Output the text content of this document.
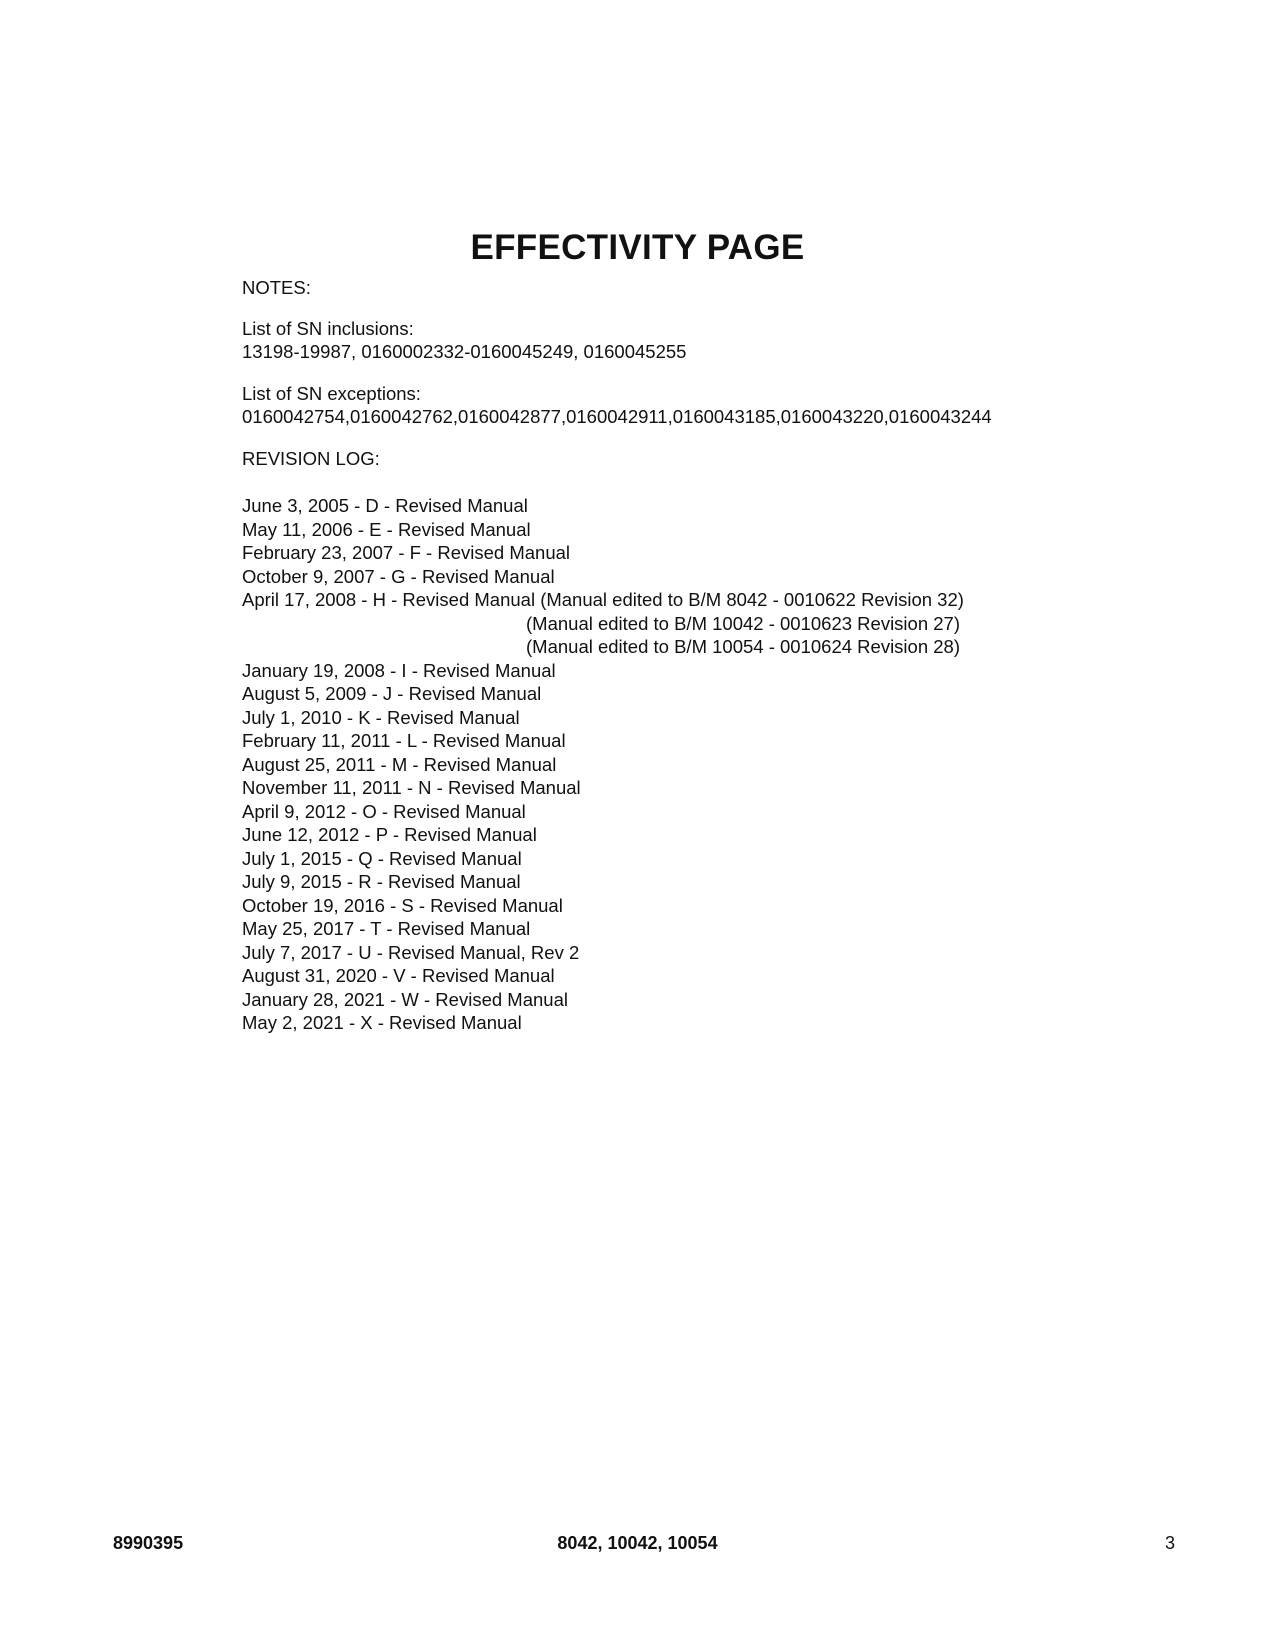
EFFECTIVITY PAGE

NOTES:

List of SN inclusions:

13198-19987, 0160002332-0160045249, 0160045255

List of SN exceptions:

0160042754,0160042762,0160042877,0160042911,0160043185,0160043220,0160043244

REVISION LOG:

June 3, 2005 - D - Revised Manual

May 11, 2006 - E - Revised Manual

February 23, 2007 - F - Revised Manual

October 9, 2007 - G - Revised Manual

April 17, 2008 - H - Revised Manual (Manual edited to B/M 8042 - 0010622 Revision 32)

(Manual edited to B/M 10042 - 0010623 Revision 27)

(Manual edited to B/M 10054 - 0010624 Revision 28)

January 19, 2008 - I - Revised Manual

August 5, 2009 - J - Revised Manual

July 1, 2010 - K - Revised Manual

February 11, 2011 - L - Revised Manual

August 25, 2011 - M - Revised Manual

November 11, 2011 - N - Revised Manual

April 9, 2012 - O - Revised Manual

June 12, 2012 - P - Revised Manual

July 1, 2015 - Q - Revised Manual

July 9, 2015 - R - Revised Manual

October 19, 2016 - S - Revised Manual

May 25, 2017 - T - Revised Manual

July 7, 2017 - U - Revised Manual, Rev 2

August 31, 2020 - V - Revised Manual

January 28, 2021 - W - Revised Manual

May 2, 2021 - X - Revised Manual

8990395	8042, 10042, 10054	3
